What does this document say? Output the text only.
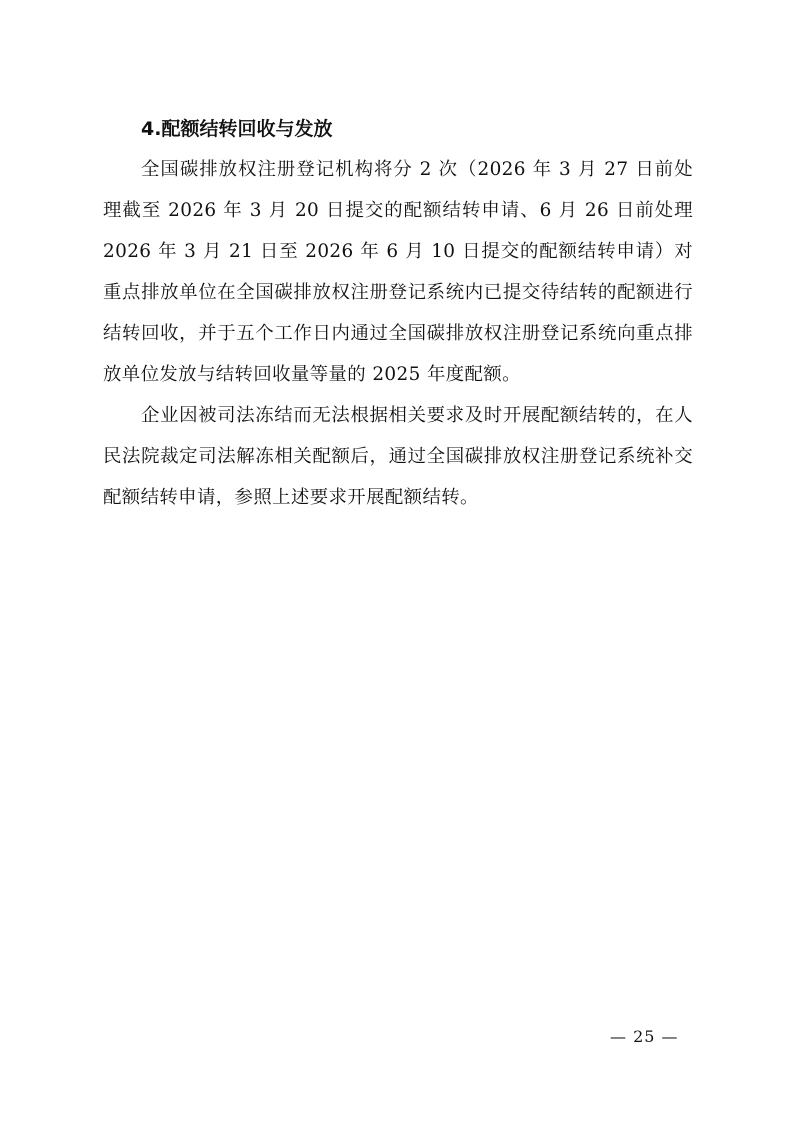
4.配额结转回收与发放

全国碳排放权注册登记机构将分 2 次（2026 年 3 月 27 日前处理截至 2026 年 3 月 20 日提交的配额结转申请、6 月 26 日前处理 2026 年 3 月 21 日至 2026 年 6 月 10 日提交的配额结转申请）对重点排放单位在全国碳排放权注册登记系统内已提交待结转的配额进行结转回收，并于五个工作日内通过全国碳排放权注册登记系统向重点排放单位发放与结转回收量等量的 2025 年度配额。

企业因被司法冻结而无法根据相关要求及时开展配额结转的，在人民法院裁定司法解冻相关配额后，通过全国碳排放权注册登记系统补交配额结转申请，参照上述要求开展配额结转。

— 25 —
